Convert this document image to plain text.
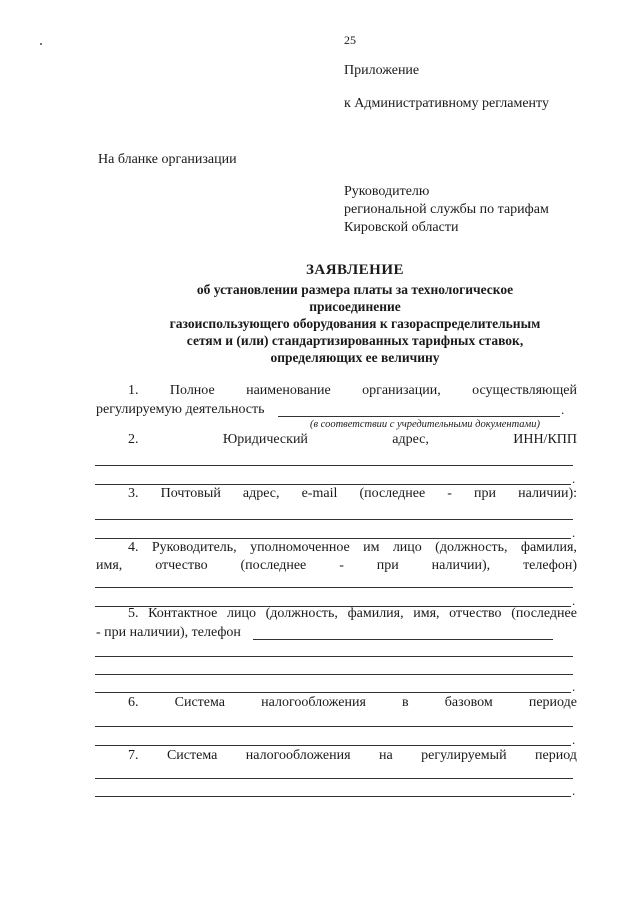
25
Приложение
к Административному регламенту
На бланке организации
Руководителю
региональной службы по тарифам
Кировской области
ЗАЯВЛЕНИЕ
об установлении размера платы за технологическое
присоединение
газоиспользующего оборудования к газораспределительным
сетям и (или) стандартизированных тарифных ставок,
определяющих ее величину
1. Полное наименование организации, осуществляющей
регулируемую деятельность	.
(в соответствии с учредительными документами)
2.	Юридический	адрес,	ИНН/КПП
.
3. Почтовый адрес, e-mail (последнее - при наличии):
.
4. Руководитель, уполномоченное им лицо (должность, фамилия,
имя, отчество (последнее - при наличии), телефон)
.
5. Контактное лицо (должность, фамилия, имя, отчество (последнее
- при наличии), телефон
.
6.	Система	налогообложения	в	базовом	периоде
.
7. Система налогообложения на регулируемый период
.
